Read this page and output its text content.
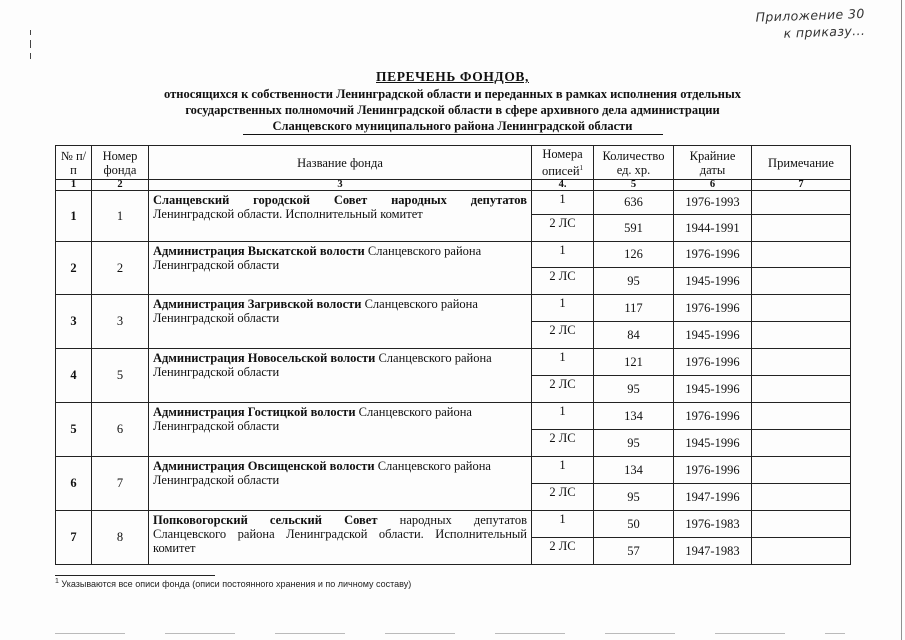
Приложение 30
к приказу...
ПЕРЕЧЕНЬ ФОНДОВ,
относящихся к собственности Ленинградской области и переданных в рамках исполнения отдельных
государственных полномочий Ленинградской области в сфере архивного дела администрации
Сланцевского муниципального района Ленинградской области
№ п/п	Номер фонда	Название фонда	Номера описей$^1$	Количество ед. хр.	Крайние даты	Примечание
1	2	3	4.	5	6	7
1	1	Сланцевский городской Совет народных депутатов Ленинградской области. Исполнительный комитет	1	636	1976-1993	
			2 ЛС	591	1944-1991	
2	2	Администрация Выскатской волости Сланцевского района Ленинградской области	1	126	1976-1996	
			2 ЛС	95	1945-1996	
3	3	Администрация Загривской волости Сланцевского района Ленинградской области	1	117	1976-1996	
			2 ЛС	84	1945-1996	
4	5	Администрация Новосельской волости Сланцевского района Ленинградской области	1	121	1976-1996	
			2 ЛС	95	1945-1996	
5	6	Администрация Гостицкой волости Сланцевского района Ленинградской области	1	134	1976-1996	
			2 ЛС	95	1945-1996	
6	7	Администрация Овсищенской волости Сланцевского района Ленинградской области	1	134	1976-1996	
			2 ЛС	95	1947-1996	
7	8	Попковогорский сельский Совет народных депутатов Сланцевского района Ленинградской области. Исполнительный комитет	1	50	1976-1983	
			2 ЛС	57	1947-1983	
$^1$ Указываются все описи фонда (описи постоянного хранения и по личному составу)
